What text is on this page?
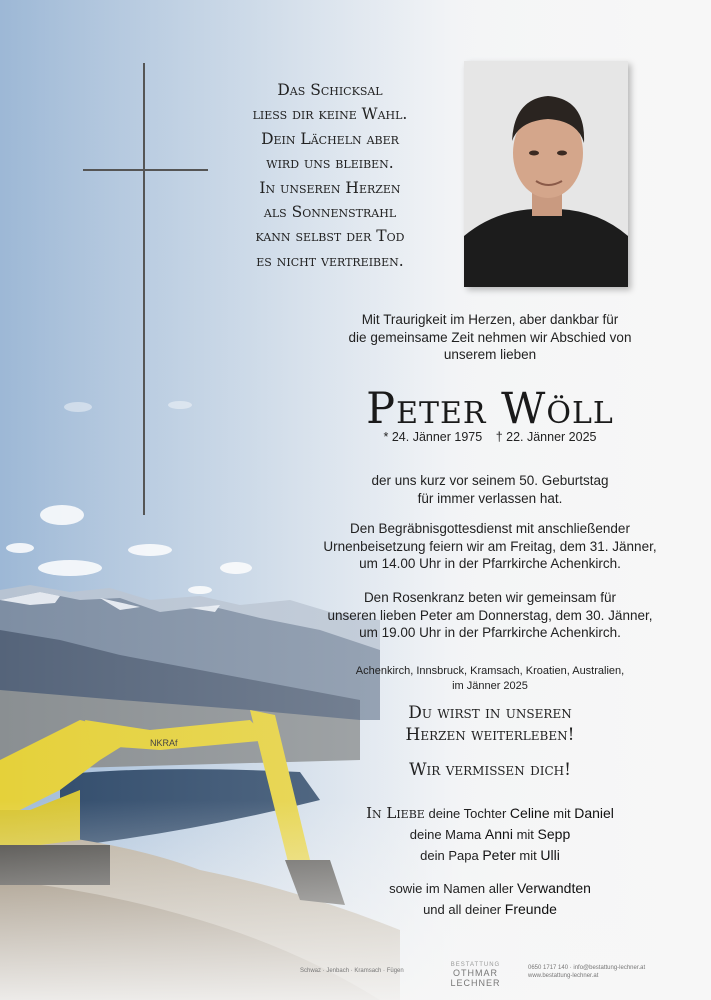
Das Schicksal
ließ dir keine Wahl.
Dein Lächeln aber
wird uns bleiben.
In unseren Herzen
als Sonnenstrahl
kann selbst der Tod
es nicht vertreiben.
Mit Traurigkeit im Herzen, aber dankbar für
die gemeinsame Zeit nehmen wir Abschied von
unserem lieben
Peter Wöll
* 24. Jänner 1975 † 22. Jänner 2025
der uns kurz vor seinem 50. Geburtstag
für immer verlassen hat.
Den Begräbnisgottesdienst mit anschließender
Urnenbeisetzung feiern wir am Freitag, dem 31. Jänner,
um 14.00 Uhr in der Pfarrkirche Achenkirch.
Den Rosenkranz beten wir gemeinsam für
unseren lieben Peter am Donnerstag, dem 30. Jänner,
um 19.00 Uhr in der Pfarrkirche Achenkirch.
Achenkirch, Innsbruck, Kramsach, Kroatien, Australien,
im Jänner 2025
Du wirst in unseren
Herzen weiterleben!
Wir vermissen dich!
In Liebe deine Tochter Celine mit Daniel
deine Mama Anni mit Sepp
dein Papa Peter mit Ulli
sowie im Namen aller Verwandten
und all deiner Freunde
Schwaz · Jenbach · Kramsach · Fügen
BESTATTUNG
OTHMAR LECHNER
0650 1717 140 · info@bestattung-lechner.at
www.bestattung-lechner.at
